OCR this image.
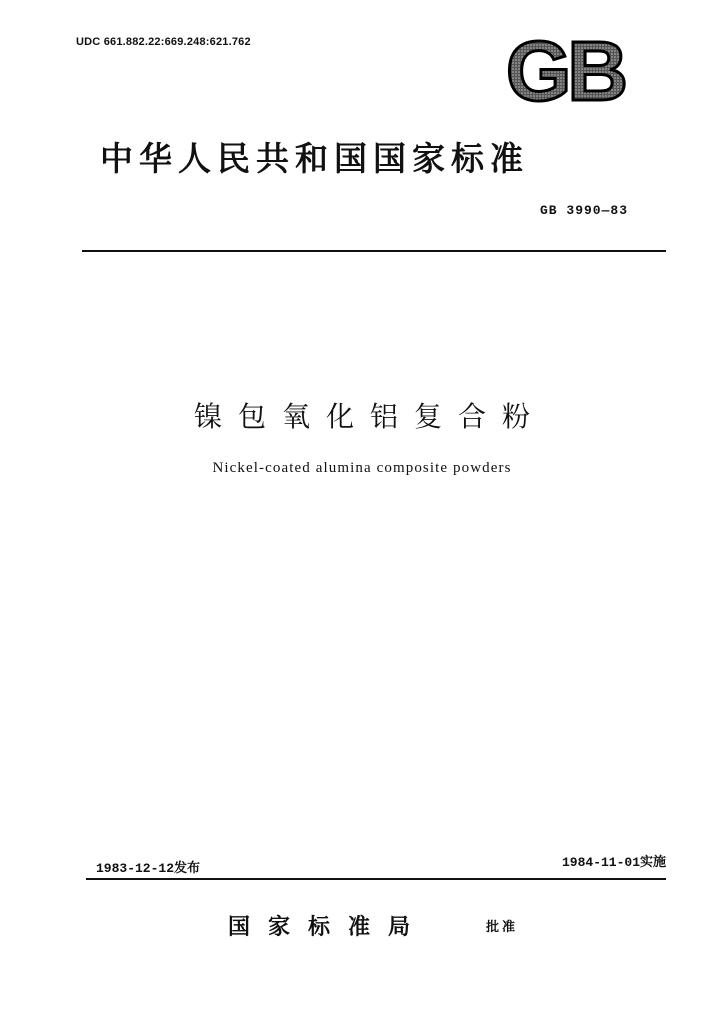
UDC 661.882.22:669.248:621.762	GB
中华人民共和国国家标准
GB 3990—83
镍包氧化铝复合粉
Nickel-coated alumina composite powders
1983-12-12发布	1984-11-01实施
国家标准局	批准
